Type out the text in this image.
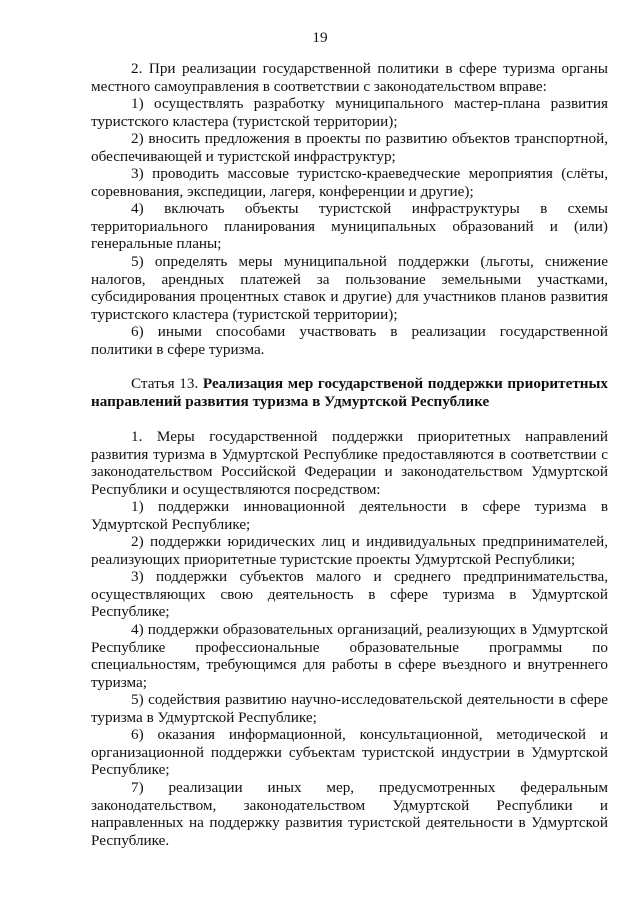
19

2. При реализации государственной политики в сфере туризма органы местного самоуправления в соответствии с законодательством вправе:

1) осуществлять разработку муниципального мастер-плана развития туристского кластера (туристской территории);

2) вносить предложения в проекты по развитию объектов транспортной, обеспечивающей и туристской инфраструктур;

3) проводить массовые туристско-краеведческие мероприятия (слёты, соревнования, экспедиции, лагеря, конференции и другие);

4) включать объекты туристской инфраструктуры в схемы территориального планирования муниципальных образований и (или) генеральные планы;

5) определять меры муниципальной поддержки (льготы, снижение налогов, арендных платежей за пользование земельными участками, субсидирования процентных ставок и другие) для участников планов развития туристского кластера (туристской территории);

6) иными способами участвовать в реализации государственной политики в сфере туризма.

Статья 13. Реализация мер государственой поддержки приоритетных направлений развития туризма в Удмуртской Республике

1. Меры государственной поддержки приоритетных направлений развития туризма в Удмуртской Республике предоставляются в соответствии с законодательством Российской Федерации и законодательством Удмуртской Республики и осуществляются посредством:

1) поддержки инновационной деятельности в сфере туризма в Удмуртской Республике;

2) поддержки юридических лиц и индивидуальных предпринимателей, реализующих приоритетные туристские проекты Удмуртской Республики;

3) поддержки субъектов малого и среднего предпринимательства, осуществляющих свою деятельность в сфере туризма в Удмуртской Республике;

4) поддержки образовательных организаций, реализующих в Удмуртской Республике профессиональные образовательные программы по специальностям, требующимся для работы в сфере въездного и внутреннего туризма;

5) содействия развитию научно-исследовательской деятельности в сфере туризма в Удмуртской Республике;

6) оказания информационной, консультационной, методической и организационной поддержки субъектам туристской индустрии в Удмуртской Республике;

7) реализации иных мер, предусмотренных федеральным законодательством, законодательством Удмуртской Республики и направленных на поддержку развития туристской деятельности в Удмуртской Республике.
